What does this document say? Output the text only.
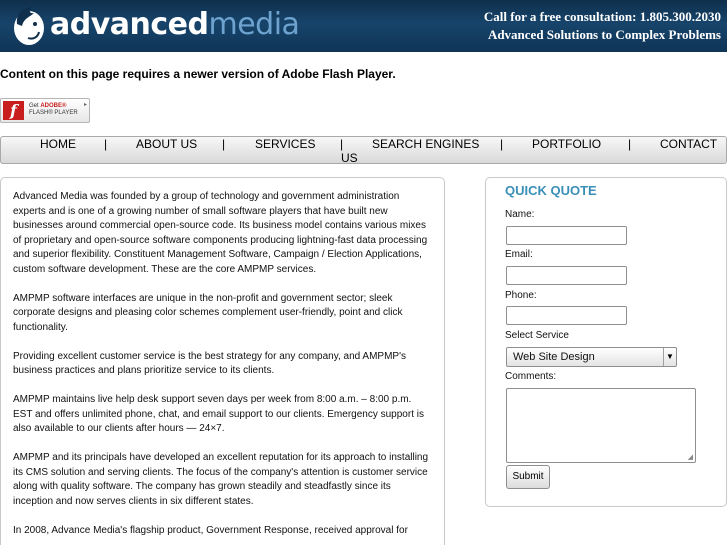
advancedmedia	Call for a free consultation: 1.805.300.2030
Advanced Solutions to Complex Problems
Content on this page requires a newer version of Adobe Flash Player.
f	Get ADOBE®
FLASH® PLAYER
▸
HOME | ABOUT US | SERVICES | SEARCH ENGINES | PORTFOLIO | CONTACT
US

Advanced Media was founded by a group of technology and government administration experts and is one of a growing number of small software players that have built new businesses around commercial open-source code. Its business model contains various mixes of proprietary and open-source software components producing lightning-fast data processing and superior flexibility. Constituent Management Software, Campaign / Election Applications, custom software development. These are the core AMPMP services.

AMPMP software interfaces are unique in the non-profit and government sector; sleek corporate designs and pleasing color schemes complement user-friendly, point and click functionality.

Providing excellent customer service is the best strategy for any company, and AMPMP's business practices and plans prioritize service to its clients.

AMPMP maintains live help desk support seven days per week from 8:00 a.m. – 8:00 p.m. EST and offers unlimited phone, chat, and email support to our clients. Emergency support is also available to our clients after hours — 24×7.

AMPMP and its principals have developed an excellent reputation for its approach to installing its CMS solution and serving clients. The focus of the company's attention is customer service along with quality software. The company has grown steadily and steadfastly since its inception and now serves clients in six different states.

In 2008, Advance Media's flagship product, Government Response, received approval for

QUICK QUOTE
Name:
Email:
Phone:
Select Service
Web Site Design	▼
Comments:
◢
Submit
